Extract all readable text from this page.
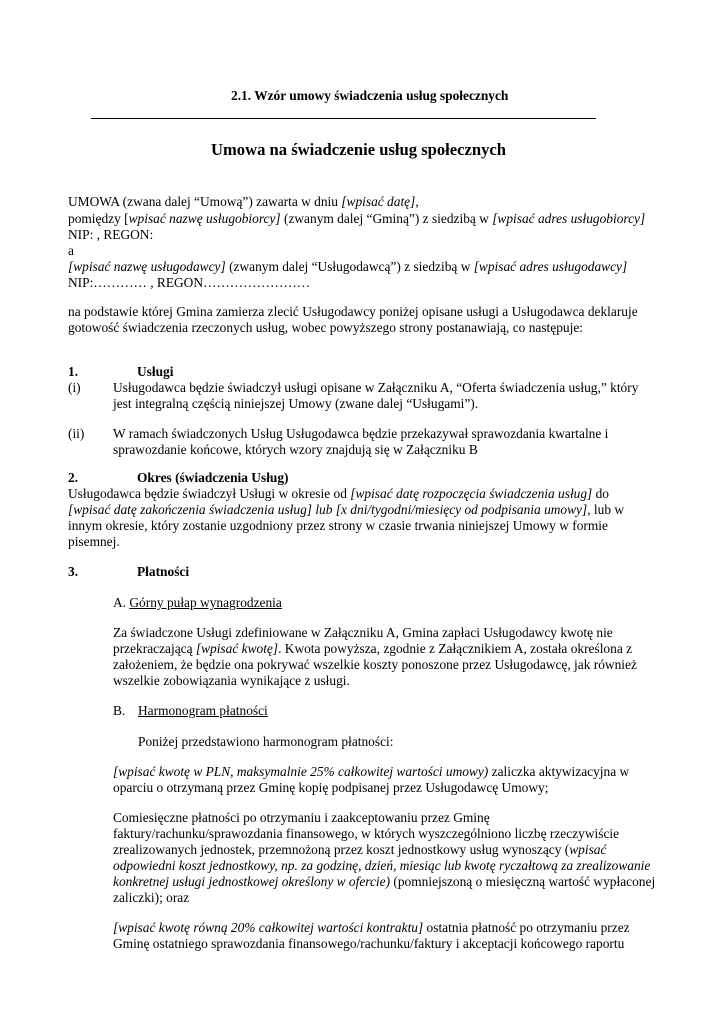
2.1. Wzór umowy świadczenia usług społecznych
Umowa na świadczenie usług społecznych
UMOWA (zwana dalej “Umową”) zawarta w dniu [wpisać datę],
pomiędzy [wpisać nazwę usługobiorcy] (zwanym dalej “Gminą”) z siedzibą w [wpisać adres usługobiorcy]
NIP: , REGON:
a
[wpisać nazwę usługodawcy] (zwanym dalej “Usługodawcą”) z siedzibą w [wpisać adres usługodawcy]
NIP:………… , REGON……………………
na podstawie której Gmina zamierza zlecić Usługodawcy poniżej opisane usługi a Usługodawca deklaruje
gotowość świadczenia rzeczonych usług, wobec powyższego strony postanawiają, co następuje:
1.	Usługi
(i) Usługodawca będzie świadczył usługi opisane w Załączniku A, “Oferta świadczenia usług,” który
jest integralną częścią niniejszej Umowy (zwane dalej “Usługami”).
(ii) W ramach świadczonych Usług Usługodawca będzie przekazywał sprawozdania kwartalne i
sprawozdanie końcowe, których wzory znajdują się w Załączniku B
2.	Okres (świadczenia Usług)
Usługodawca będzie świadczył Usługi w okresie od [wpisać datę rozpoczęcia świadczenia usług] do
[wpisać datę zakończenia świadczenia usług] lub [x dni/tygodni/miesięcy od podpisania umowy], lub w
innym okresie, który zostanie uzgodniony przez strony w czasie trwania niniejszej Umowy w formie
pisemnej.
3.	Płatności
A. Górny pułap wynagrodzenia
Za świadczone Usługi zdefiniowane w Załączniku A, Gmina zapłaci Usługodawcy kwotę nie
przekraczającą [wpisać kwotę]. Kwota powyższa, zgodnie z Załącznikiem A, została określona z
założeniem, że będzie ona pokrywać wszelkie koszty ponoszone przez Usługodawcę, jak również
wszelkie zobowiązania wynikające z usługi.
B. Harmonogram płatności
Poniżej przedstawiono harmonogram płatności:
[wpisać kwotę w PLN, maksymalnie 25% całkowitej wartości umowy) zaliczka aktywizacyjna w
oparciu o otrzymaną przez Gminę kopię podpisanej przez Usługodawcę Umowy;
Comiesięczne płatności po otrzymaniu i zaakceptowaniu przez Gminę
faktury/rachunku/sprawozdania finansowego, w których wyszczególniono liczbę rzeczywiście
zrealizowanych jednostek, przemnożoną przez koszt jednostkowy usług wynoszący (wpisać
odpowiedni koszt jednostkowy, np. za godzinę, dzień, miesiąc lub kwotę ryczałtową za zrealizowanie
konkretnej usługi jednostkowej określony w ofercie) (pomniejszoną o miesięczną wartość wypłaconej
zaliczki); oraz
[wpisać kwotę równą 20% całkowitej wartości kontraktu] ostatnia płatność po otrzymaniu przez
Gminę ostatniego sprawozdania finansowego/rachunku/faktury i akceptacji końcowego raportu
